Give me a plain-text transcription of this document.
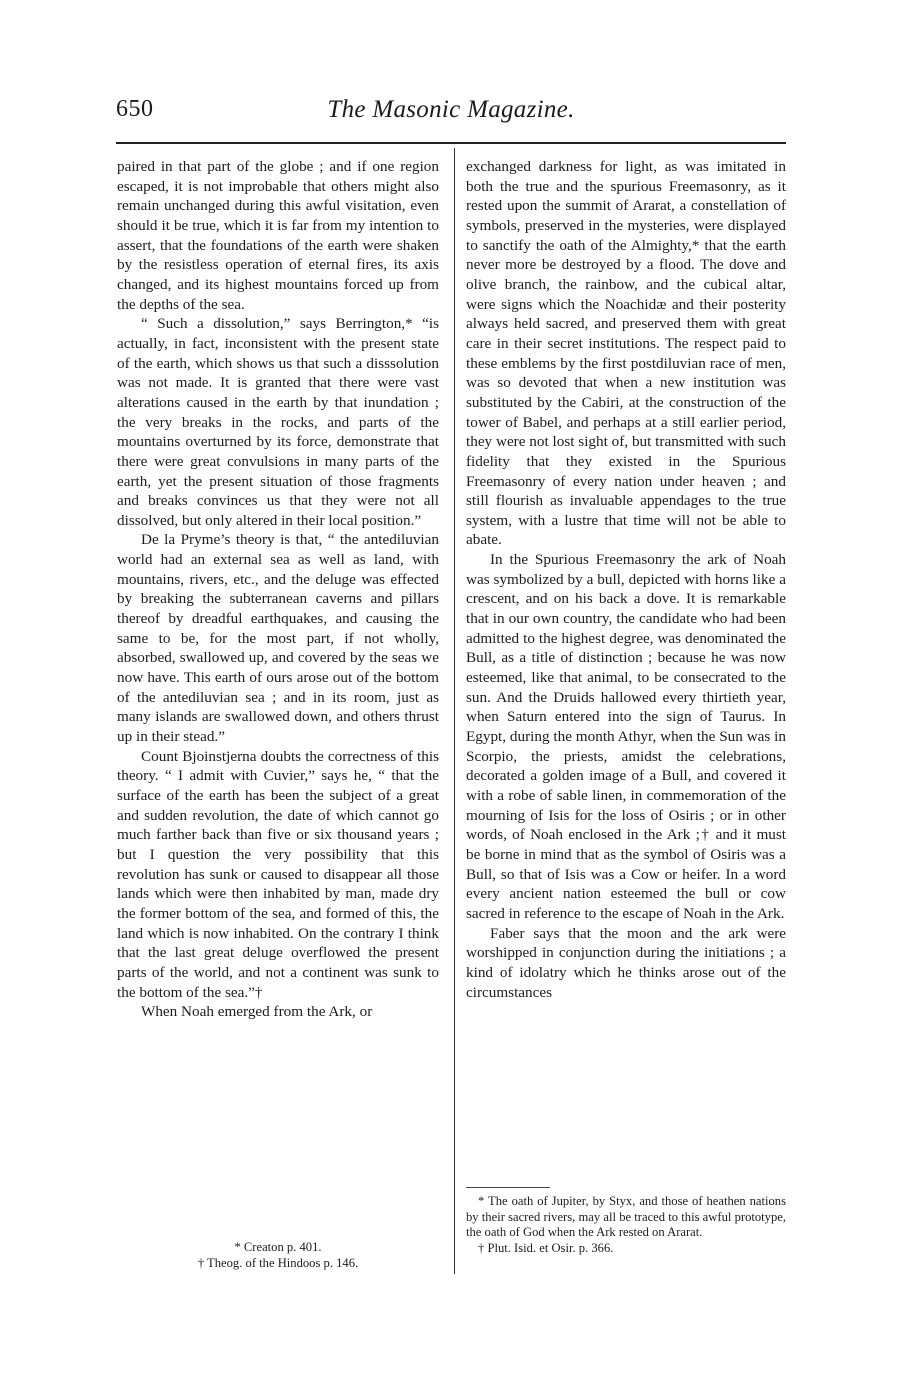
650	The Masonic Magazine.

paired in that part of the globe ; and if one region escaped, it is not improbable that others might also remain unchanged during this awful visitation, even should it be true, which it is far from my intention to assert, that the foundations of the earth were shaken by the resistless operation of eternal fires, its axis changed, and its highest mountains forced up from the depths of the sea.

“ Such a dissolution,” says Berrington,* “is actually, in fact, inconsistent with the present state of the earth, which shows us that such a disssolution was not made. It is granted that there were vast alterations caused in the earth by that inundation ; the very breaks in the rocks, and parts of the mountains overturned by its force, demonstrate that there were great convulsions in many parts of the earth, yet the present situation of those fragments and breaks convinces us that they were not all dissolved, but only altered in their local position.”

De la Pryme’s theory is that, “ the antediluvian world had an external sea as well as land, with mountains, rivers, etc., and the deluge was effected by breaking the subterranean caverns and pillars thereof by dreadful earthquakes, and causing the same to be, for the most part, if not wholly, absorbed, swallowed up, and covered by the seas we now have. This earth of ours arose out of the bottom of the antediluvian sea ; and in its room, just as many islands are swallowed down, and others thrust up in their stead.”

Count Bjoinstjerna doubts the correctness of this theory. “ I admit with Cuvier,” says he, “ that the surface of the earth has been the subject of a great and sudden revolution, the date of which cannot go much farther back than five or six thousand years ; but I question the very possibility that this revolution has sunk or caused to disappear all those lands which were then inhabited by man, made dry the former bottom of the sea, and formed of this, the land which is now inhabited. On the contrary I think that the last great deluge overflowed the present parts of the world, and not a continent was sunk to the bottom of the sea.”†

When Noah emerged from the Ark, or

exchanged darkness for light, as was imitated in both the true and the spurious Freemasonry, as it rested upon the summit of Ararat, a constellation of symbols, preserved in the mysteries, were displayed to sanctify the oath of the Almighty,* that the earth never more be destroyed by a flood. The dove and olive branch, the rainbow, and the cubical altar, were signs which the Noachidæ and their posterity always held sacred, and preserved them with great care in their secret institutions. The respect paid to these emblems by the first postdiluvian race of men, was so devoted that when a new institution was substituted by the Cabiri, at the construction of the tower of Babel, and perhaps at a still earlier period, they were not lost sight of, but transmitted with such fidelity that they existed in the Spurious Freemasonry of every nation under heaven ; and still flourish as invaluable appendages to the true system, with a lustre that time will not be able to abate.

In the Spurious Freemasonry the ark of Noah was symbolized by a bull, depicted with horns like a crescent, and on his back a dove. It is remarkable that in our own country, the candidate who had been admitted to the highest degree, was denominated the Bull, as a title of distinction ; because he was now esteemed, like that animal, to be consecrated to the sun. And the Druids hallowed every thirtieth year, when Saturn entered into the sign of Taurus. In Egypt, during the month Athyr, when the Sun was in Scorpio, the priests, amidst the celebrations, decorated a golden image of a Bull, and covered it with a robe of sable linen, in commemoration of the mourning of Isis for the loss of Osiris ; or in other words, of Noah enclosed in the Ark ;† and it must be borne in mind that as the symbol of Osiris was a Bull, so that of Isis was a Cow or heifer. In a word every ancient nation esteemed the bull or cow sacred in reference to the escape of Noah in the Ark.

Faber says that the moon and the ark were worshipped in conjunction during the initiations ; a kind of idolatry which he thinks arose out of the circumstances

* Creaton p. 401.

† Theog. of the Hindoos p. 146.

* The oath of Jupiter, by Styx, and those of heathen nations by their sacred rivers, may all be traced to this awful prototype, the oath of God when the Ark rested on Ararat.

† Plut. Isid. et Osir. p. 366.
